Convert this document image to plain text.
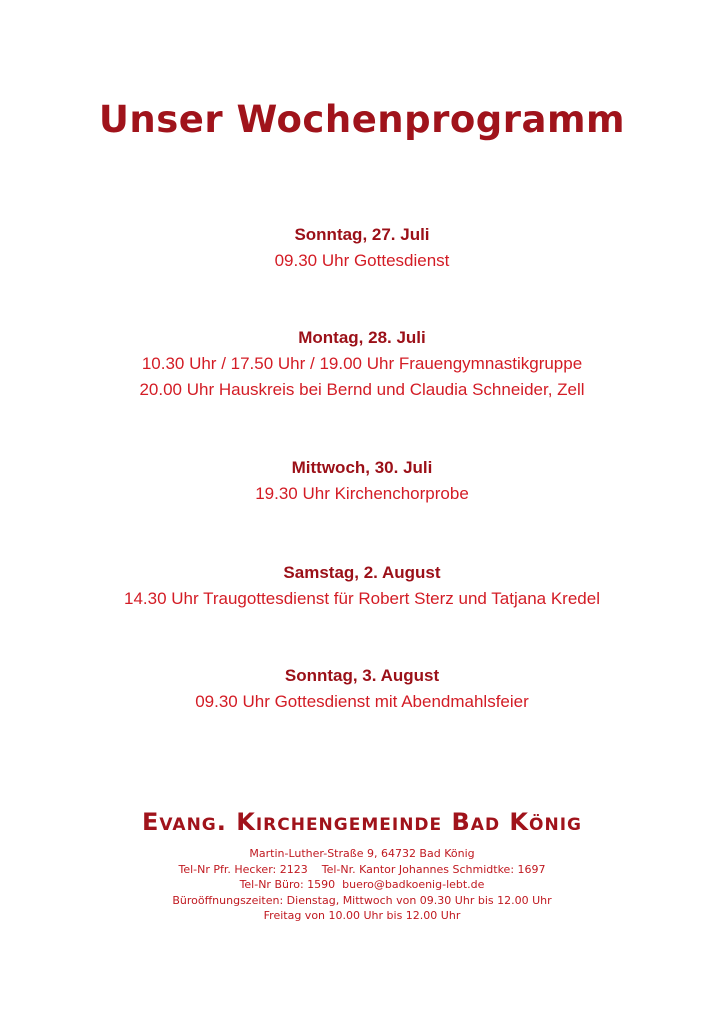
Unser Wochenprogramm
Sonntag, 27. Juli
09.30 Uhr Gottesdienst
Montag, 28. Juli
10.30 Uhr / 17.50 Uhr / 19.00 Uhr Frauengymnastikgruppe
20.00 Uhr Hauskreis bei Bernd und Claudia Schneider, Zell
Mittwoch, 30. Juli
19.30 Uhr Kirchenchorprobe
Samstag, 2. August
14.30 Uhr Traugottesdienst für Robert Sterz und Tatjana Kredel
Sonntag, 3. August
09.30 Uhr Gottesdienst mit Abendmahlsfeier
Evang. Kirchengemeinde Bad König
Martin-Luther-Straße 9, 64732 Bad König
Tel-Nr Pfr. Hecker: 2123    Tel-Nr. Kantor Johannes Schmidtke: 1697
Tel-Nr Büro: 1590  buero@badkoenig-lebt.de
Büroöffnungszeiten: Dienstag, Mittwoch von 09.30 Uhr bis 12.00 Uhr
Freitag von 10.00 Uhr bis 12.00 Uhr
